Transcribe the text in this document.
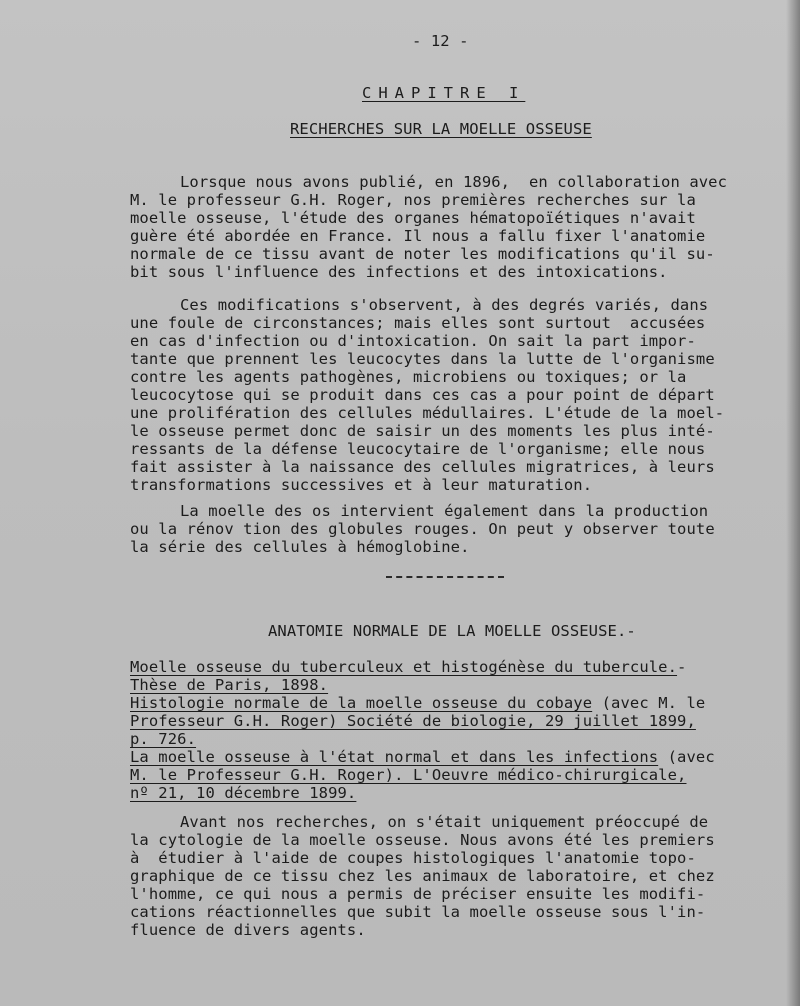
- 12 -
CHAPITRE I
RECHERCHES SUR LA MOELLE OSSEUSE
Lorsque nous avons publié, en 1896,  en collaboration avec
M. le professeur G.H. Roger, nos premières recherches sur la
moelle osseuse, l'étude des organes hématopoïétiques n'avait
guère été abordée en France. Il nous a fallu fixer l'anatomie
normale de ce tissu avant de noter les modifications qu'il su-
bit sous l'influence des infections et des intoxications.
Ces modifications s'observent, à des degrés variés, dans
une foule de circonstances; mais elles sont surtout  accusées
en cas d'infection ou d'intoxication. On sait la part impor-
tante que prennent les leucocytes dans la lutte de l'organisme
contre les agents pathogènes, microbiens ou toxiques; or la
leucocytose qui se produit dans ces cas a pour point de départ
une prolifération des cellules médullaires. L'étude de la moel-
le osseuse permet donc de saisir un des moments les plus inté-
ressants de la défense leucocytaire de l'organisme; elle nous
fait assister à la naissance des cellules migratrices, à leurs
transformations successives et à leur maturation.
La moelle des os intervient également dans la production
ou la rénov tion des globules rouges. On peut y observer toute
la série des cellules à hémoglobine.
ANATOMIE NORMALE DE LA MOELLE OSSEUSE.-
Moelle osseuse du tuberculeux et histogénèse du tubercule.-
Thèse de Paris, 1898.
Histologie normale de la moelle osseuse du cobaye (avec M. le
Professeur G.H. Roger) Société de biologie, 29 juillet 1899,
p. 726.
La moelle osseuse à l'état normal et dans les infections (avec
M. le Professeur G.H. Roger). L'Oeuvre médico-chirurgicale,
nº 21, 10 décembre 1899.
Avant nos recherches, on s'était uniquement préoccupé de
la cytologie de la moelle osseuse. Nous avons été les premiers
à  étudier à l'aide de coupes histologiques l'anatomie topo-
graphique de ce tissu chez les animaux de laboratoire, et chez
l'homme, ce qui nous a permis de préciser ensuite les modifi-
cations réactionnelles que subit la moelle osseuse sous l'in-
fluence de divers agents.
